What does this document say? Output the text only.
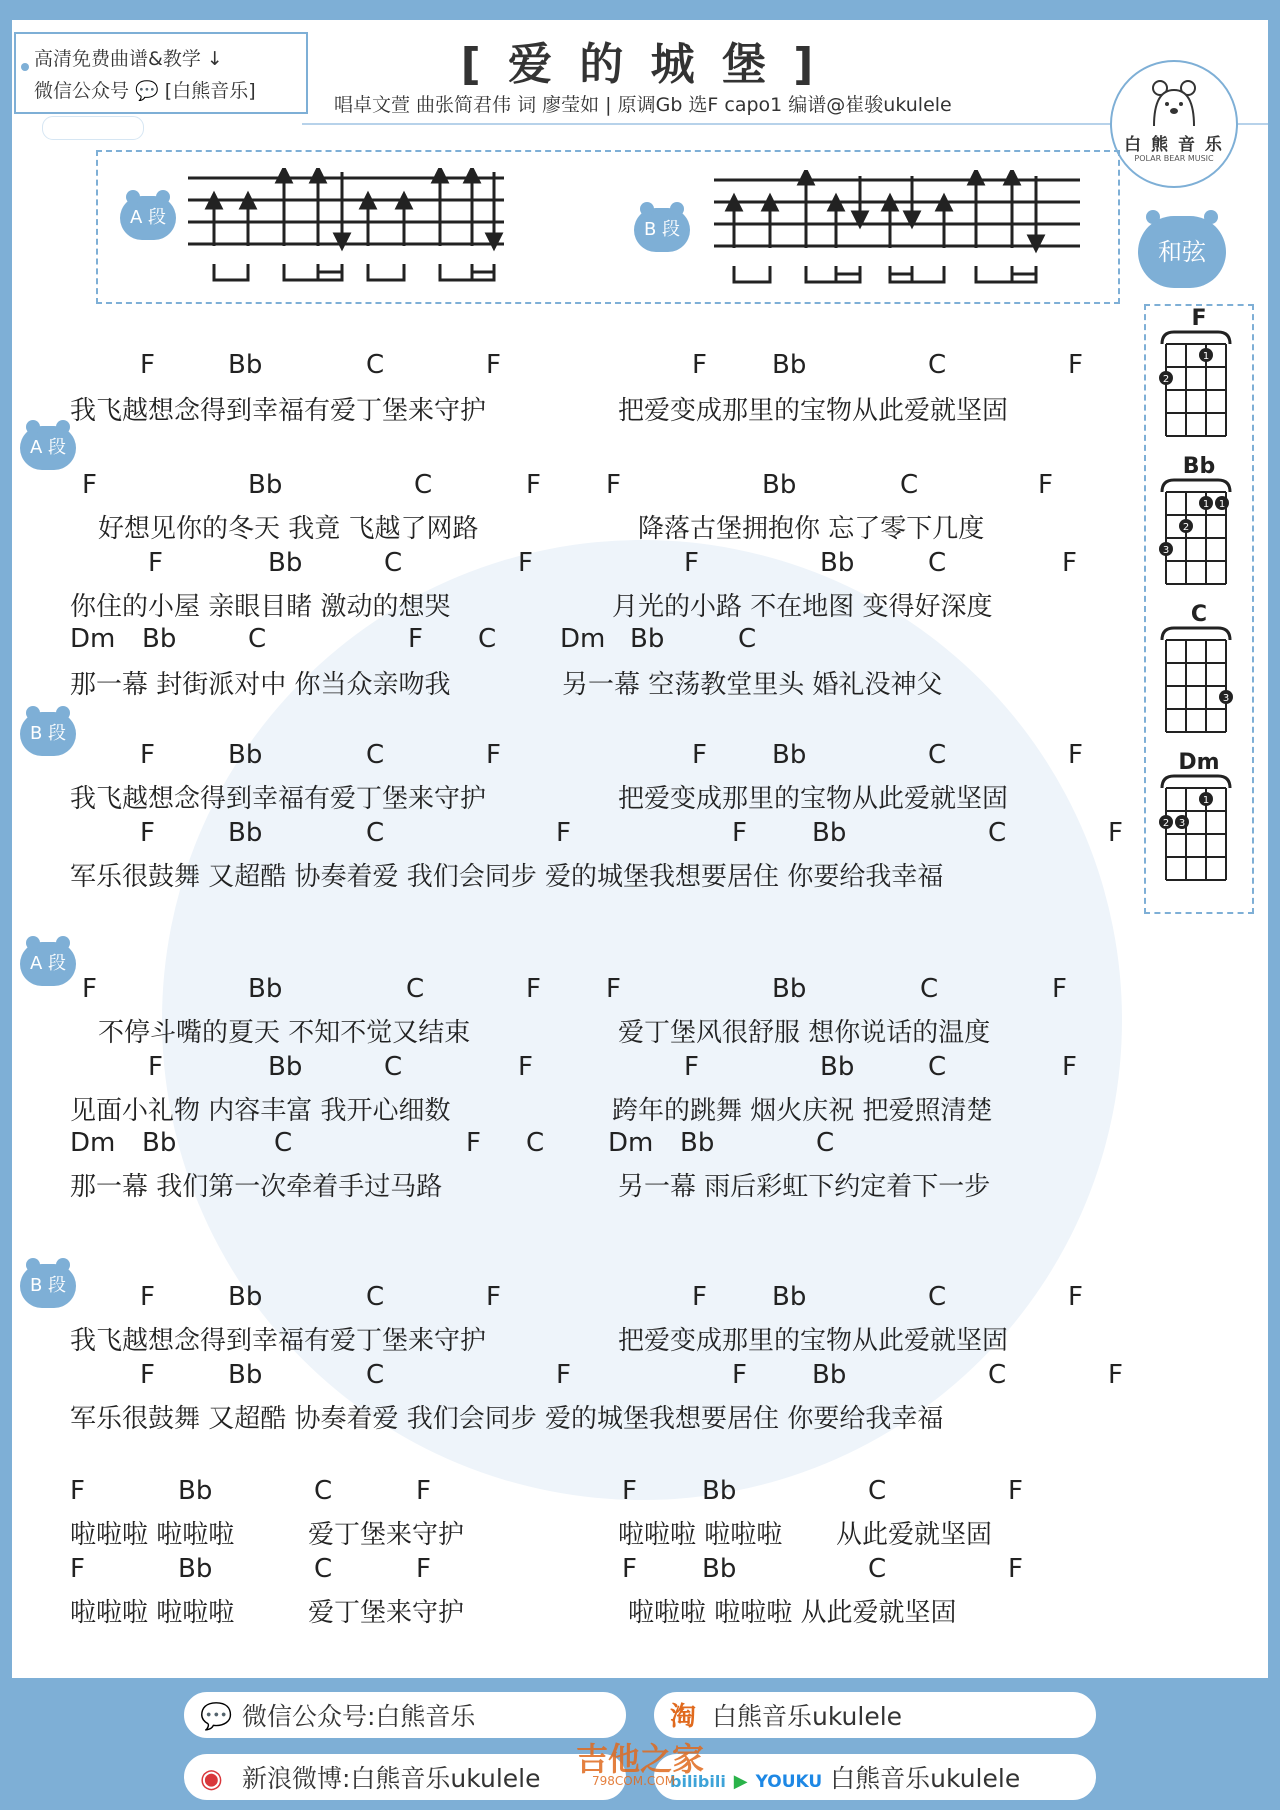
高清免费曲谱&教学 ↓
微信公众号 💬 [白熊音乐]
[ 爱 的 城 堡 ]
唱卓文萱 曲张简君伟 词 廖莹如 | 原调Gb 选F capo1 编谱@崔骏ukulele
白 熊 音 乐
POLAR BEAR MUSIC
A 段
B 段
和弦
F
1
2
Bb
1 1
2
3
C
3
Dm
1
2 3
A 段
B 段
A 段
B 段
F	Bb	C	F	F	Bb	C	F
我飞越想念得到幸福有爱丁堡来守护	把爱变成那里的宝物从此爱就坚固
F	Bb	C	F	F	Bb	C	F
好想见你的冬天 我竟 飞越了网路	降落古堡拥抱你 忘了零下几度
F	Bb	C	F	F	Bb	C	F
你住的小屋 亲眼目睹 激动的想哭	月光的小路 不在地图 变得好深度
Dm Bb	C	F C Dm Bb	C
那一幕 封街派对中 你当众亲吻我	另一幕 空荡教堂里头 婚礼没神父
F	Bb	C	F	F	Bb	C	F
我飞越想念得到幸福有爱丁堡来守护	把爱变成那里的宝物从此爱就坚固
F	Bb	C	F	F	Bb	C	F
军乐很鼓舞 又超酷 协奏着爱 我们会同步 爱的城堡我想要居住 你要给我幸福
F	Bb	C	F	F	Bb	C	F
不停斗嘴的夏天 不知不觉又结束	爱丁堡风很舒服 想你说话的温度
F	Bb	C	F	F	Bb	C	F
见面小礼物 内容丰富 我开心细数	跨年的跳舞 烟火庆祝 把爱照清楚
Dm Bb	C	F C Dm Bb	C
那一幕 我们第一次牵着手过马路	另一幕 雨后彩虹下约定着下一步
F	Bb	C	F	F	Bb	C	F
我飞越想念得到幸福有爱丁堡来守护	把爱变成那里的宝物从此爱就坚固
F	Bb	C	F	F	Bb	C	F
军乐很鼓舞 又超酷 协奏着爱 我们会同步 爱的城堡我想要居住 你要给我幸福
F	Bb	C	F	F	Bb	C	F
啦啦啦 啦啦啦	爱丁堡来守护	啦啦啦 啦啦啦 从此爱就坚固
F	Bb	C	F	F	Bb	C	F
啦啦啦 啦啦啦	爱丁堡来守护	啦啦啦 啦啦啦 从此爱就坚固
💬 微信公众号:白熊音乐	淘 白熊音乐ukulele
◉ 新浪微博:白熊音乐ukulele	bilibili ▶ YOUKU 白熊音乐ukulele
吉他之家
798COM.COM
